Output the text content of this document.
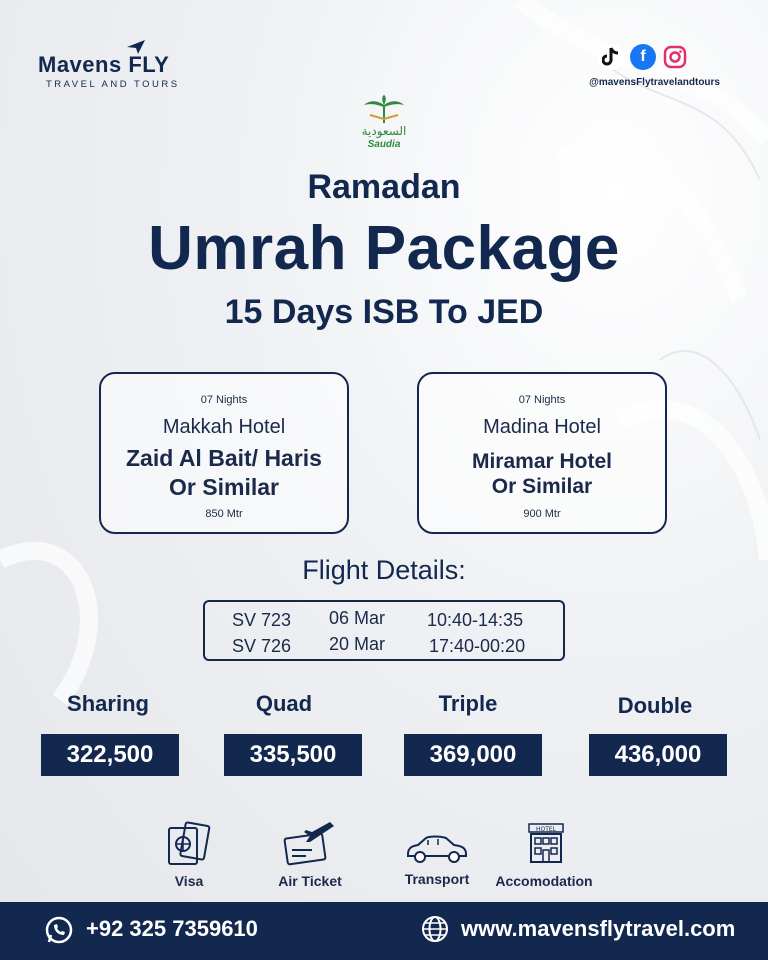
Mavens FLY
TRAVEL AND TOURS
f
@mavensFlytravelandtours
السعودية
Saudia
Ramadan
Umrah Package
15 Days ISB To JED
07 Nights
Makkah Hotel
Zaid Al Bait/ Haris
Or Similar
850 Mtr
07 Nights
Madina Hotel
Miramar Hotel
Or Similar
900 Mtr
Flight Details:
SV 723 06 Mar 10:40-14:35
SV 726 20 Mar 17:40-00:20
Sharing
322,500
Quad
335,500
Triple
369,000
Double
436,000
Visa	Air Ticket	Transport
HOTEL
Accomodation
+92 325 7359610	www.mavensflytravel.com
